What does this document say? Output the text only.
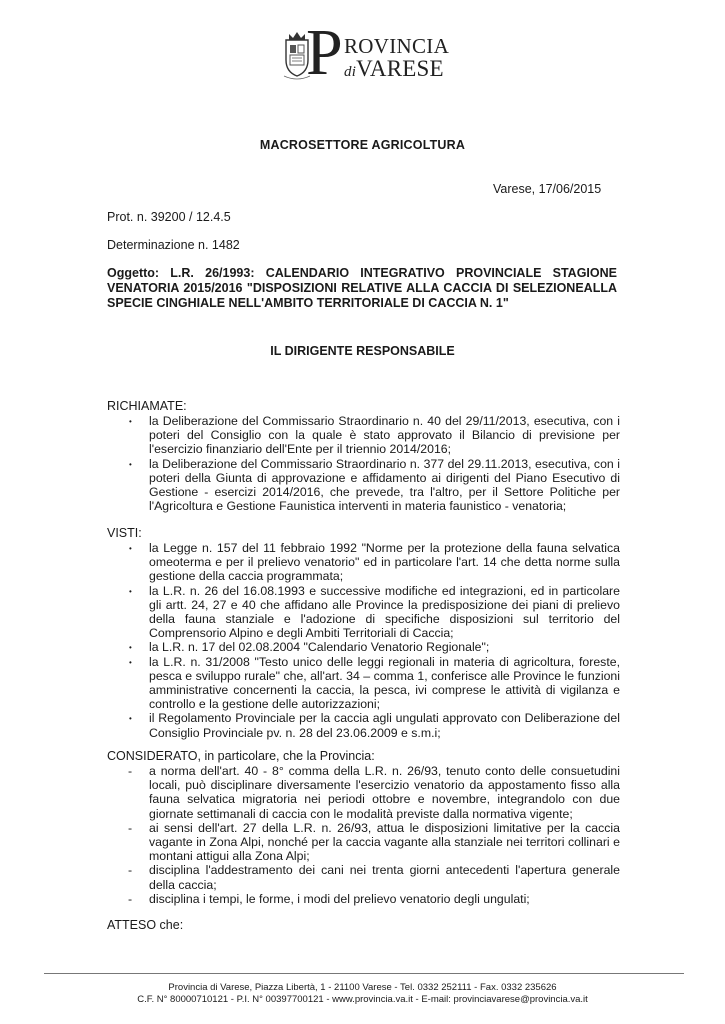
P ROVINCIA
diVARESE
MACROSETTORE AGRICOLTURA
Varese, 17/06/2015
Prot. n. 39200 / 12.4.5
Determinazione n. 1482
Oggetto: L.R. 26/1993: CALENDARIO INTEGRATIVO PROVINCIALE STAGIONE VENATORIA 2015/2016 "DISPOSIZIONI RELATIVE ALLA CACCIA DI SELEZIONEALLA SPECIE CINGHIALE NELL'AMBITO TERRITORIALE DI CACCIA N. 1"
IL DIRIGENTE RESPONSABILE
RICHIAMATE:
• la Deliberazione del Commissario Straordinario n. 40 del 29/11/2013, esecutiva, con i poteri del Consiglio con la quale è stato approvato il Bilancio di previsione per l'esercizio finanziario dell'Ente per il triennio 2014/2016;
• la Deliberazione del Commissario Straordinario n. 377 del 29.11.2013, esecutiva, con i poteri della Giunta di approvazione e affidamento ai dirigenti del Piano Esecutivo di Gestione - esercizi 2014/2016, che prevede, tra l'altro, per il Settore Politiche per l'Agricoltura e Gestione Faunistica interventi in materia faunistico - venatoria;
VISTI:
• la Legge n. 157 del 11 febbraio 1992 "Norme per la protezione della fauna selvatica omeoterma e per il prelievo venatorio" ed in particolare l'art. 14 che detta norme sulla gestione della caccia programmata;
• la L.R. n. 26 del 16.08.1993 e successive modifiche ed integrazioni, ed in particolare gli artt. 24, 27 e 40 che affidano alle Province la predisposizione dei piani di prelievo della fauna stanziale e l'adozione di specifiche disposizioni sul territorio del Comprensorio Alpino e degli Ambiti Territoriali di Caccia;
• la L.R. n. 17 del 02.08.2004 "Calendario Venatorio Regionale";
• la L.R. n. 31/2008 "Testo unico delle leggi regionali in materia di agricoltura, foreste, pesca e sviluppo rurale" che, all'art. 34 – comma 1, conferisce alle Province le funzioni amministrative concernenti la caccia, la pesca, ivi comprese le attività di vigilanza e controllo e la gestione delle autorizzazioni;
• il Regolamento Provinciale per la caccia agli ungulati approvato con Deliberazione del Consiglio Provinciale pv. n. 28 del 23.06.2009 e s.m.i;
CONSIDERATO, in particolare, che la Provincia:
- a norma dell'art. 40 - 8° comma della L.R. n. 26/93, tenuto conto delle consuetudini locali, può disciplinare diversamente l'esercizio venatorio da appostamento fisso alla fauna selvatica migratoria nei periodi ottobre e novembre, integrandolo con due giornate settimanali di caccia con le modalità previste dalla normativa vigente;
- ai sensi dell'art. 27 della L.R. n. 26/93, attua le disposizioni limitative per la caccia vagante in Zona Alpi, nonché per la caccia vagante alla stanziale nei territori collinari e montani attigui alla Zona Alpi;
- disciplina l'addestramento dei cani nei trenta giorni antecedenti l'apertura generale della caccia;
- disciplina i tempi, le forme, i modi del prelievo venatorio degli ungulati;
ATTESO che:
Provincia di Varese, Piazza Libertà, 1 - 21100 Varese - Tel. 0332 252111 - Fax. 0332 235626
C.F. N° 80000710121 - P.I. N° 00397700121 - www.provincia.va.it - E-mail: provinciavarese@provincia.va.it
